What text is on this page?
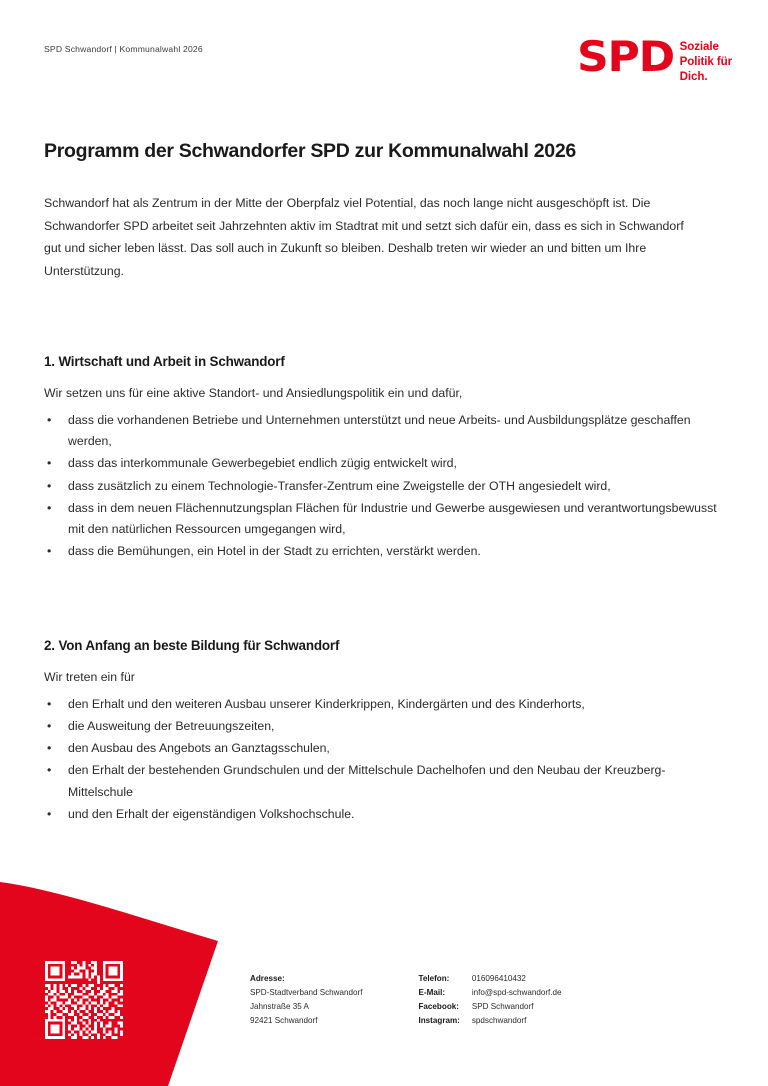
SPD Schwandorf | Kommunalwahl 2026	SPD Soziale
Politik für
Dich.
Programm der Schwandorfer SPD zur Kommunalwahl 2026

Schwandorf hat als Zentrum in der Mitte der Oberpfalz viel Potential, das noch lange nicht ausgeschöpft ist. Die Schwandorfer SPD arbeitet seit Jahrzehnten aktiv im Stadtrat mit und setzt sich dafür ein, dass es sich in Schwandorf gut und sicher leben lässt. Das soll auch in Zukunft so bleiben. Deshalb treten wir wieder an und bitten um Ihre Unterstützung.

1. Wirtschaft und Arbeit in Schwandorf

Wir setzen uns für eine aktive Standort- und Ansiedlungspolitik ein und dafür,

• dass die vorhandenen Betriebe und Unternehmen unterstützt und neue Arbeits- und Ausbildungsplätze geschaffen werden,
• dass das interkommunale Gewerbegebiet endlich zügig entwickelt wird,
• dass zusätzlich zu einem Technologie-Transfer-Zentrum eine Zweigstelle der OTH angesiedelt wird,
• dass in dem neuen Flächennutzungsplan Flächen für Industrie und Gewerbe ausgewiesen und verantwortungsbewusst mit den natürlichen Ressourcen umgegangen wird,
• dass die Bemühungen, ein Hotel in der Stadt zu errichten, verstärkt werden.
2. Von Anfang an beste Bildung für Schwandorf

Wir treten ein für

• den Erhalt und den weiteren Ausbau unserer Kinderkrippen, Kindergärten und des Kinderhorts,
• die Ausweitung der Betreuungszeiten,
• den Ausbau des Angebots an Ganztagsschulen,
• den Erhalt der bestehenden Grundschulen und der Mittelschule Dachelhofen und den Neubau der Kreuzberg-Mittelschule
• und den Erhalt der eigenständigen Volkshochschule.
Adresse:
SPD-Stadtverband Schwandorf
Jahnstraße 35 A
92421 Schwandorf
Telefon:	016096410432
E-Mail:	info@spd-schwandorf.de
Facebook:	SPD Schwandorf
Instagram:	spdschwandorf
